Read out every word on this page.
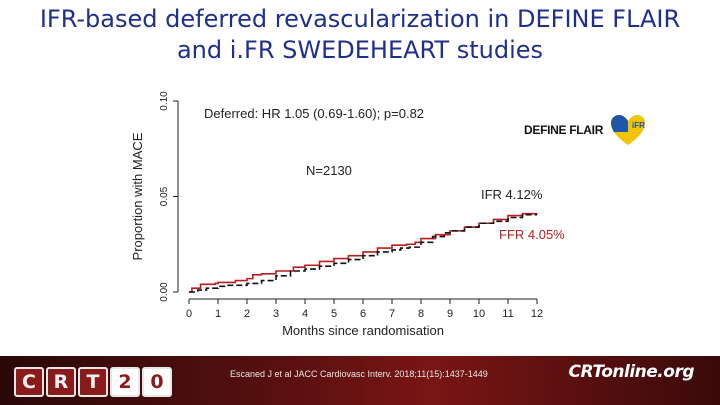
IFR-based deferred revascularization in DEFINE FLAIR
and i.FR SWEDEHEART studies
0.00
0.05
0.10
0 1 2 3 4 5 6 7 8 9 10 11 12
Months since randomisation
Proportion with MACE
Deferred: HR 1.05 (0.69-1.60); p=0.82
N=2130
IFR 4.12%
FFR 4.05%
DEFINE FLAIR	iFR
C R T 2 0	Escaned J et al JACC Cardiovasc Interv. 2018;11(15):1437-1449	CRTonline.org
